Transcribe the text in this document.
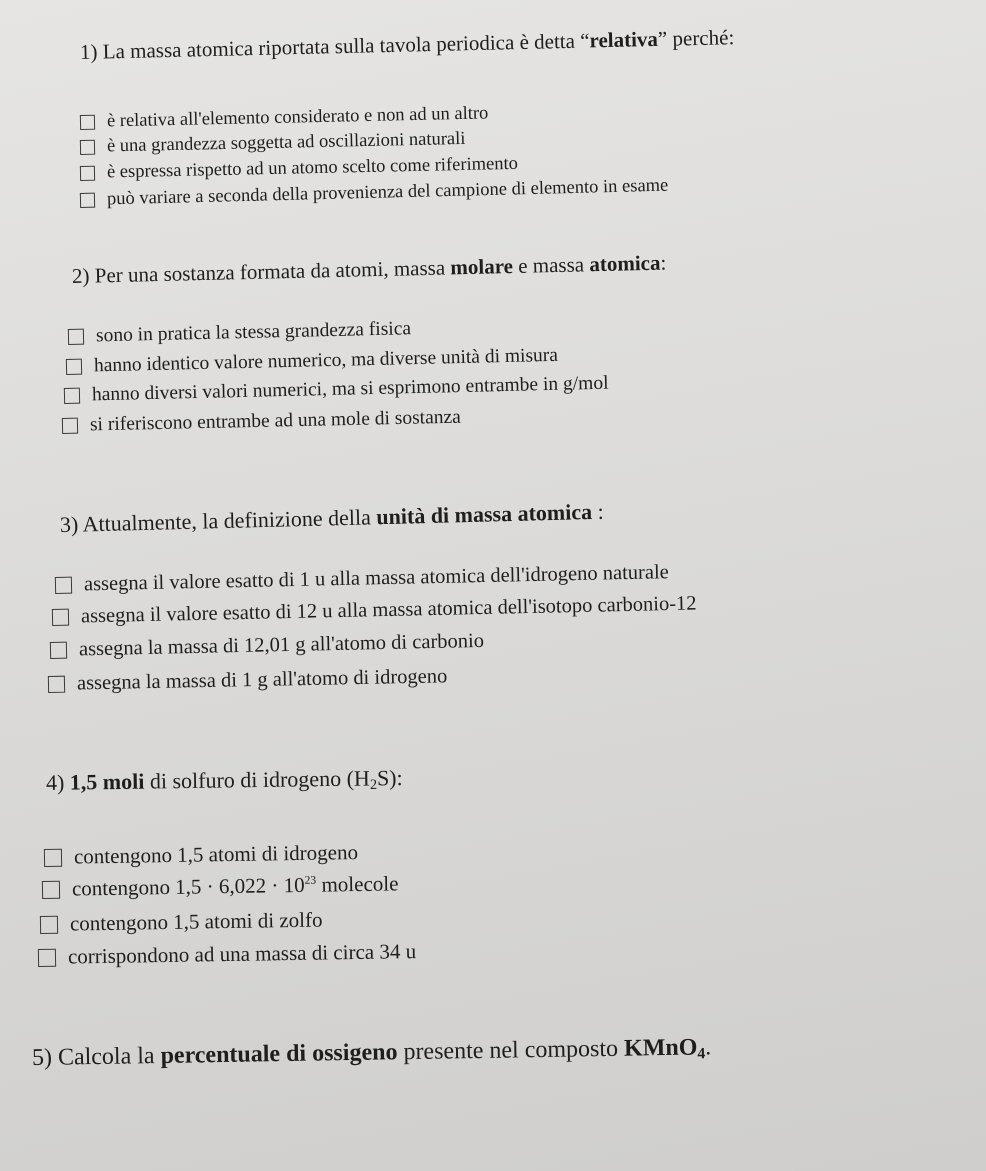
1) La massa atomica riportata sulla tavola periodica è detta “relativa” perché:
è relativa all'elemento considerato e non ad un altro
è una grandezza soggetta ad oscillazioni naturali
è espressa rispetto ad un atomo scelto come riferimento
può variare a seconda della provenienza del campione di elemento in esame
2) Per una sostanza formata da atomi, massa molare e massa atomica:
sono in pratica la stessa grandezza fisica
hanno identico valore numerico, ma diverse unità di misura
hanno diversi valori numerici, ma si esprimono entrambe in g/mol
si riferiscono entrambe ad una mole di sostanza
3) Attualmente, la definizione della unità di massa atomica :
assegna il valore esatto di 1 u alla massa atomica dell'idrogeno naturale
assegna il valore esatto di 12 u alla massa atomica dell'isotopo carbonio-12
assegna la massa di 12,01 g all'atomo di carbonio
assegna la massa di 1 g all'atomo di idrogeno
4) 1,5 moli di solfuro di idrogeno $(H_2S)$:
contengono 1,5 atomi di idrogeno
contengono $1,5 \cdot 6,022 \cdot 10^{23}$ molecole
contengono 1,5 atomi di zolfo
corrispondono ad una massa di circa 34 u
5) Calcola la percentuale di ossigeno presente nel composto KMnO$_4$.
